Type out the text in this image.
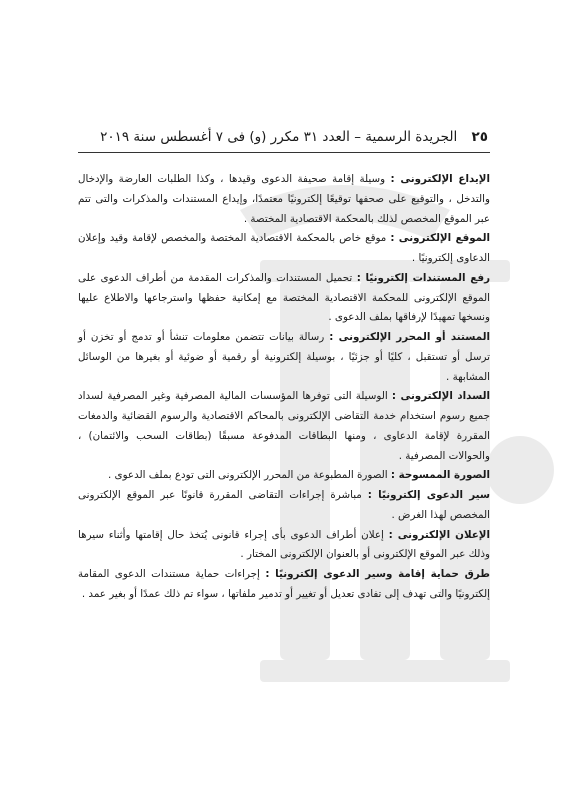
٢٥ الجريدة الرسمية – العدد ٣١ مكرر (و) فى ٧ أغسطس سنة ٢٠١٩

الإيداع الإلكترونى : وسيلة إقامة صحيفة الدعوى وقيدها ، وكذا الطلبات العارضة والإدخال والتدخل ، والتوقيع على صحفها توقيعًا إلكترونيًا معتمدًا، وإيداع المستندات والمذكرات والتى تتم عبر الموقع المخصص لذلك بالمحكمة الاقتصادية المختصة .

الموقع الإلكترونى : موقع خاص بالمحكمة الاقتصادية المختصة والمخصص لإقامة وقيد وإعلان الدعاوى إلكترونيًا .

رفع المستندات إلكترونيًا : تحميل المستندات والمذكرات المقدمة من أطراف الدعوى على الموقع الإلكترونى للمحكمة الاقتصادية المختصة مع إمكانية حفظها واسترجاعها والاطلاع عليها ونسخها تمهيدًا لإرفاقها بملف الدعوى .

المستند أو المحرر الإلكترونى : رسالة بيانات تتضمن معلومات تنشأ أو تدمج أو تخزن أو ترسل أو تستقبل ، كليًا أو جزئيًا ، بوسيلة إلكترونية أو رقمية أو ضوئية أو بغيرها من الوسائل المشابهة .

السداد الإلكترونى : الوسيلة التى توفرها المؤسسات المالية المصرفية وغير المصرفية لسداد جميع رسوم استخدام خدمة التقاضى الإلكترونى بالمحاكم الاقتصادية والرسوم القضائية والدمغات المقررة لإقامة الدعاوى ، ومنها البطاقات المدفوعة مسبقًا (بطاقات السحب والائتمان) ، والحوالات المصرفية .

الصورة الممسوحة : الصورة المطبوعة من المحرر الإلكترونى التى تودع بملف الدعوى .

سير الدعوى إلكترونيًا : مباشرة إجراءات التقاضى المقررة قانونًا عبر الموقع الإلكترونى المخصص لهذا الغرض .

الإعلان الإلكترونى : إعلان أطراف الدعوى بأى إجراء قانونى يُتخذ حال إقامتها وأثناء سيرها وذلك عبر الموقع الإلكترونى أو بالعنوان الإلكترونى المختار .

طرق حماية إقامة وسير الدعوى إلكترونيًا : إجراءات حماية مستندات الدعوى المقامة إلكترونيًا والتى تهدف إلى تفادى تعديل أو تغيير أو تدمير ملفاتها ، سواء تم ذلك عمدًا أو بغير عمد .
